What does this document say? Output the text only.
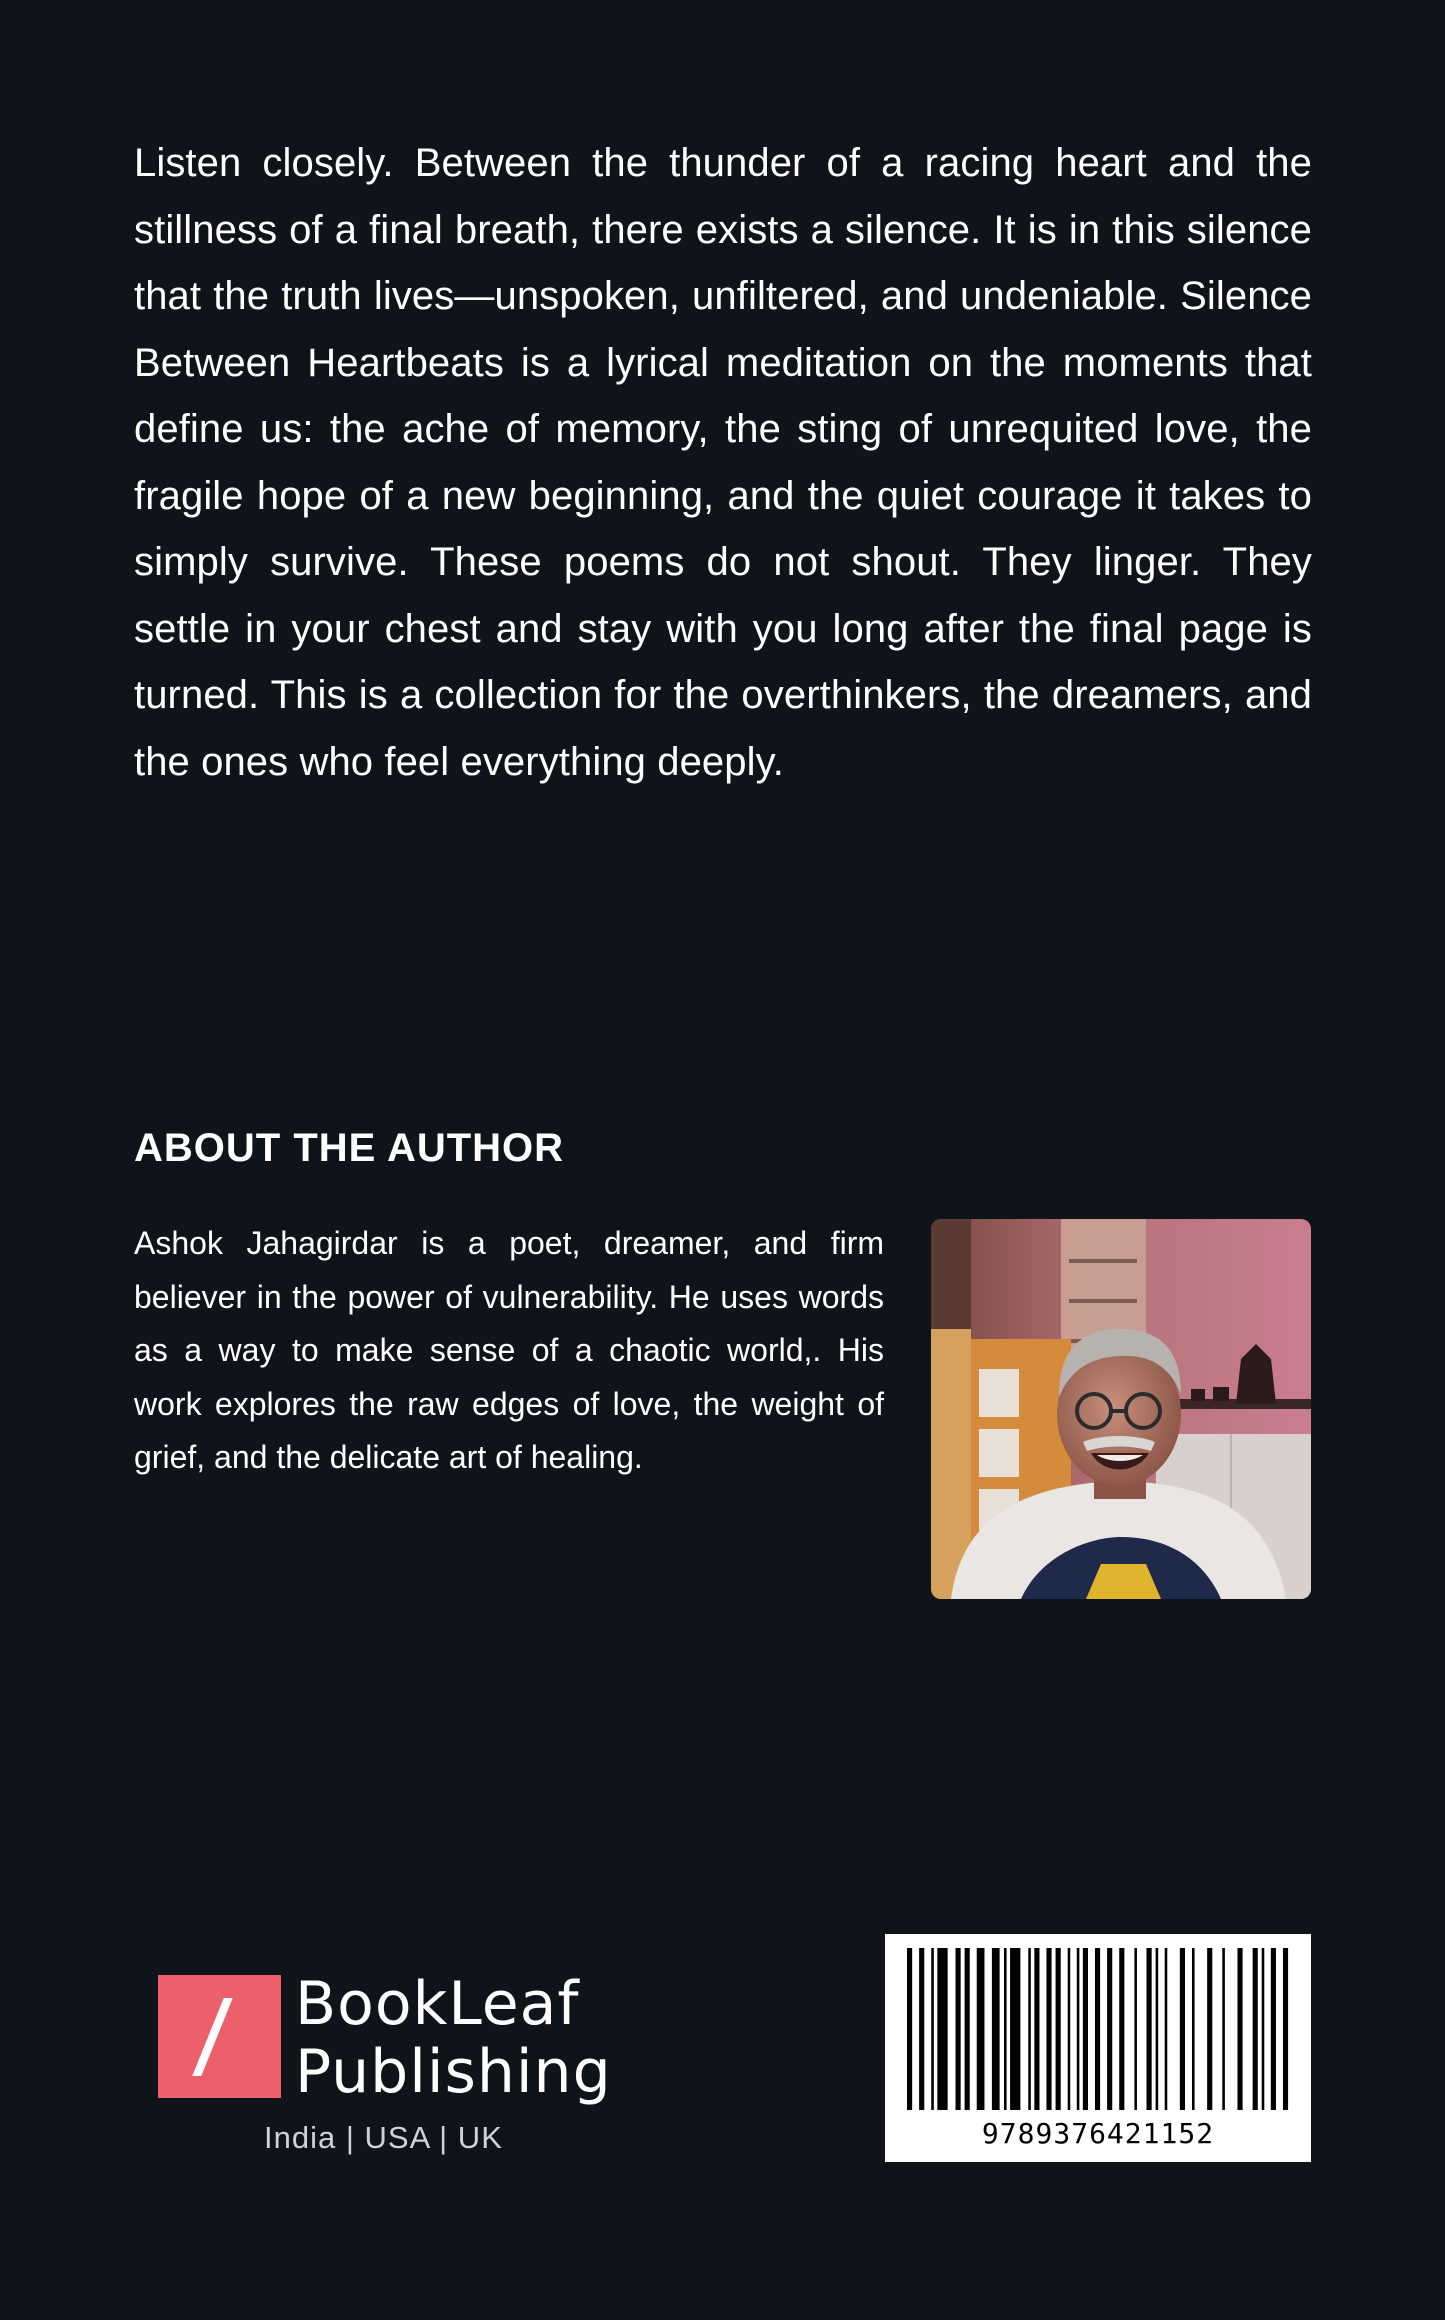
Listen closely. Between the thunder of a racing heart and the stillness of a final breath, there exists a silence. It is in this silence that the truth lives—unspoken, unfiltered, and undeniable. Silence Between Heartbeats is a lyrical meditation on the moments that define us: the ache of memory, the sting of unrequited love, the fragile hope of a new beginning, and the quiet courage it takes to simply survive. These poems do not shout. They linger. They settle in your chest and stay with you long after the final page is turned. This is a collection for the overthinkers, the dreamers, and the ones who feel everything deeply.

ABOUT THE AUTHOR

Ashok Jahagirdar is a poet, dreamer, and firm believer in the power of vulnerability. He uses words as a way to make sense of a chaotic world,. His work explores the raw edges of love, the weight of grief, and the delicate art of healing.

BookLeaf
Publishing
India | USA | UK	9789376421152
